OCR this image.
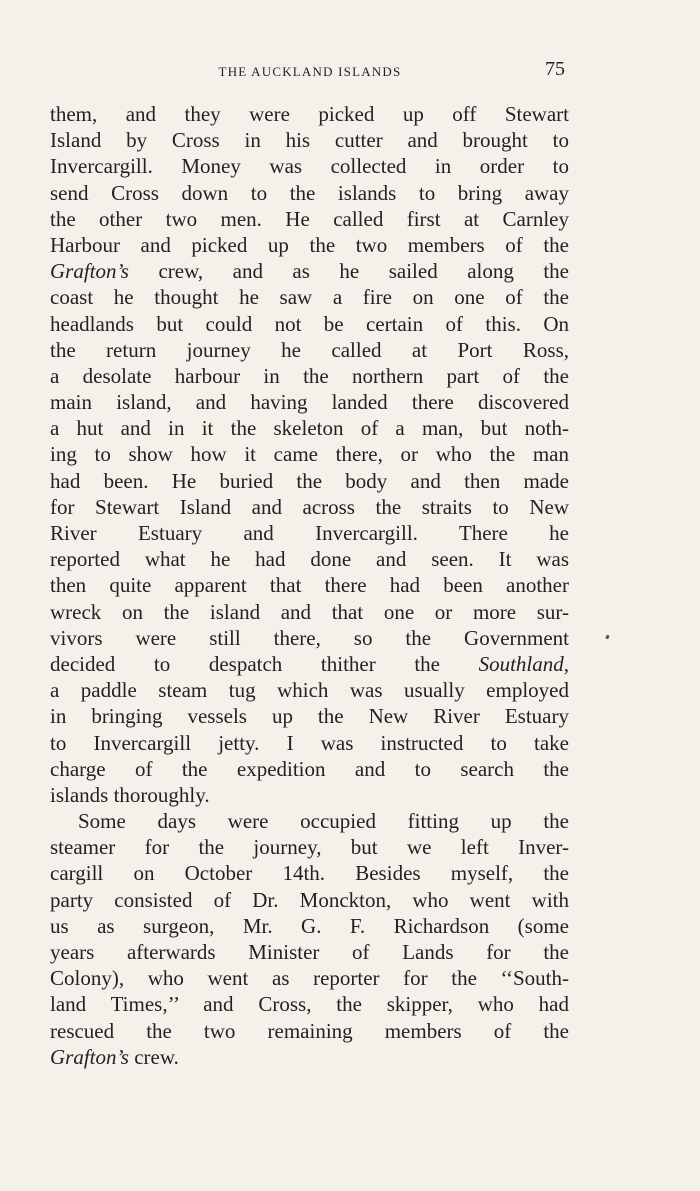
THE AUCKLAND ISLANDS	75
them, and they were picked up off Stewart
Island by Cross in his cutter and brought to
Invercargill. Money was collected in order to
send Cross down to the islands to bring away
the other two men. He called first at Carnley
Harbour and picked up the two members of the
Grafton’s crew, and as he sailed along the
coast he thought he saw a fire on one of the
headlands but could not be certain of this. On
the return journey he called at Port Ross,
a desolate harbour in the northern part of the
main island, and having landed there discovered
a hut and in it the skeleton of a man, but noth-
ing to show how it came there, or who the man
had been. He buried the body and then made
for Stewart Island and across the straits to New
River Estuary and Invercargill. There he
reported what he had done and seen. It was
then quite apparent that there had been another
wreck on the island and that one or more sur-
vivors were still there, so the Government
decided to despatch thither the Southland,
a paddle steam tug which was usually employed
in bringing vessels up the New River Estuary
to Invercargill jetty. I was instructed to take
charge of the expedition and to search the
islands thoroughly.
Some days were occupied fitting up the
steamer for the journey, but we left Inver-
cargill on October 14th. Besides myself, the
party consisted of Dr. Monckton, who went with
us as surgeon, Mr. G. F. Richardson (some
years afterwards Minister of Lands for the
Colony), who went as reporter for the ‘‘South-
land Times,’’ and Cross, the skipper, who had
rescued the two remaining members of the
Grafton’s crew.
